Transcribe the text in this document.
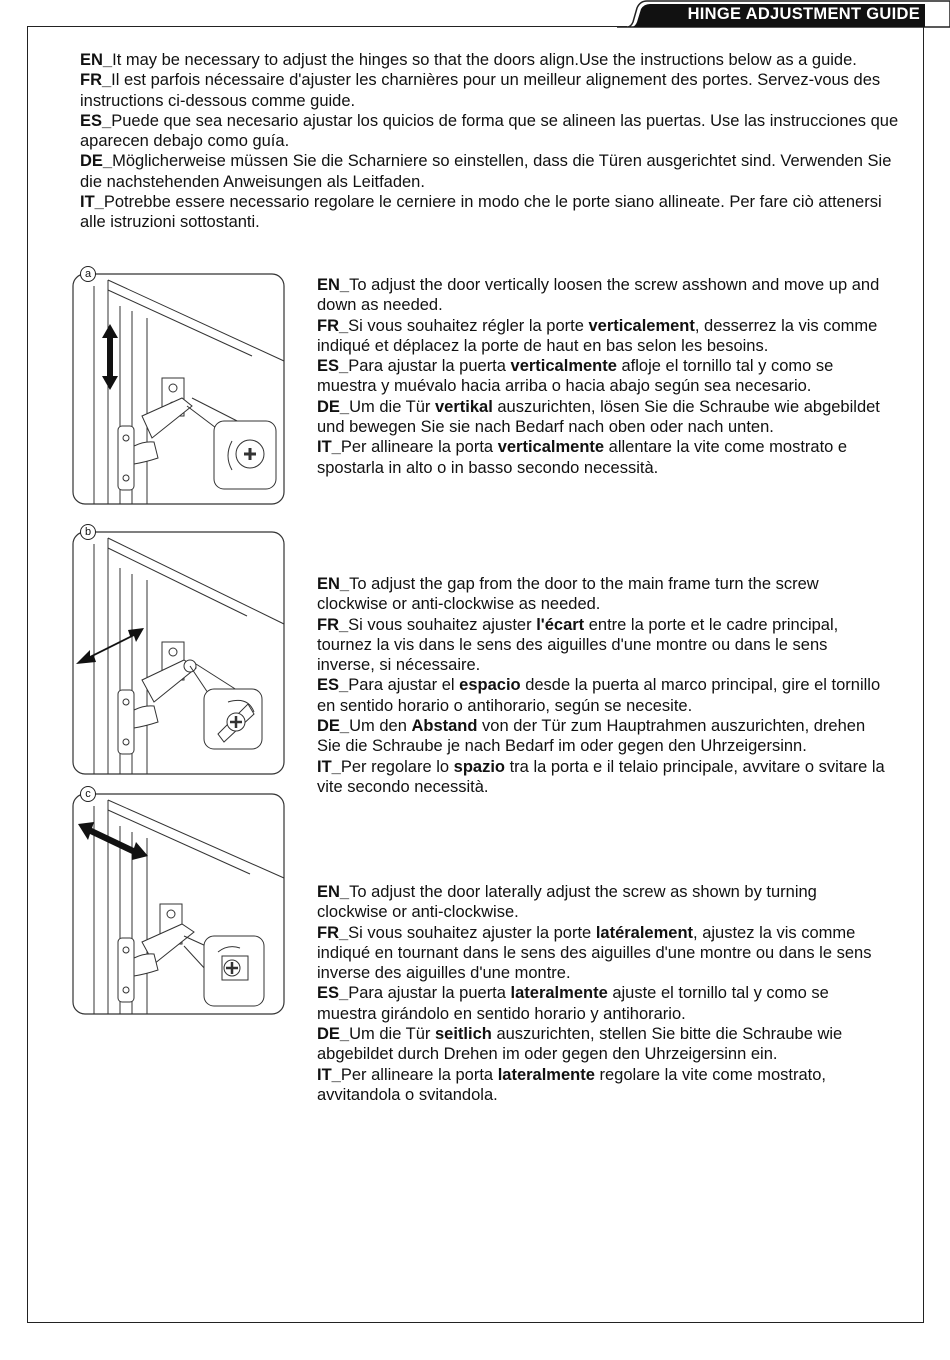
HINGE ADJUSTMENT GUIDE

EN_It may be necessary to adjust the hinges so that the doors align.Use the instructions below as a guide.

FR_Il est parfois nécessaire d'ajuster les charnières pour un meilleur alignement des portes. Servez-vous des instructions ci-dessous comme guide.

ES_Puede que sea necesario ajustar los quicios de forma que se alineen las puertas. Use las instrucciones que aparecen debajo como guía.

DE_Möglicherweise müssen Sie die Scharniere so einstellen, dass die Türen ausgerichtet sind. Verwenden Sie die nachstehenden Anweisungen als Leitfaden.

IT_Potrebbe essere necessario regolare le cerniere in modo che le porte siano allineate. Per fare ciò attenersi alle istruzioni sottostanti.

a

EN_To adjust the door vertically loosen the screw asshown and move up and down as needed.

FR_Si vous souhaitez régler la porte verticalement, desserrez la vis comme indiqué et déplacez la porte de haut en bas selon les besoins.

ES_Para ajustar la puerta verticalmente afloje el tornillo tal y como se muestra y muévalo hacia arriba o hacia abajo según sea necesario.

DE_Um die Tür vertikal auszurichten, lösen Sie die Schraube wie abgebildet und bewegen Sie sie nach Bedarf nach oben oder nach unten.

IT_Per allineare la porta verticalmente allentare la vite come mostrato e spostarla in alto o in basso secondo necessità.

b

EN_To adjust the gap from the door to the main frame turn the screw clockwise or anti-clockwise as needed.

FR_Si vous souhaitez ajuster l'écart entre la porte et le cadre principal, tournez la vis dans le sens des aiguilles d'une montre ou dans le sens inverse, si nécessaire.

ES_Para ajustar el espacio desde la puerta al marco principal, gire el tornillo en sentido horario o antihorario, según se necesite.

DE_Um den Abstand von der Tür zum Hauptrahmen auszurichten, drehen Sie die Schraube je nach Bedarf im oder gegen den Uhrzeigersinn.

IT_Per regolare lo spazio tra la porta e il telaio principale, avvitare o svitare la vite secondo necessità.

c

EN_To adjust the door laterally adjust the screw as shown by turning clockwise or anti-clockwise.

FR_Si vous souhaitez ajuster la porte latéralement, ajustez la vis comme indiqué en tournant dans le sens des aiguilles d'une montre ou dans le sens inverse des aiguilles d'une montre.

ES_Para ajustar la puerta lateralmente ajuste el tornillo tal y como se muestra girándolo en sentido horario y antihorario.

DE_Um die Tür seitlich auszurichten, stellen Sie bitte die Schraube wie abgebildet durch Drehen im oder gegen den Uhrzeigersinn ein.

IT_Per allineare la porta lateralmente regolare la vite come mostrato, avvitandola o svitandola.
